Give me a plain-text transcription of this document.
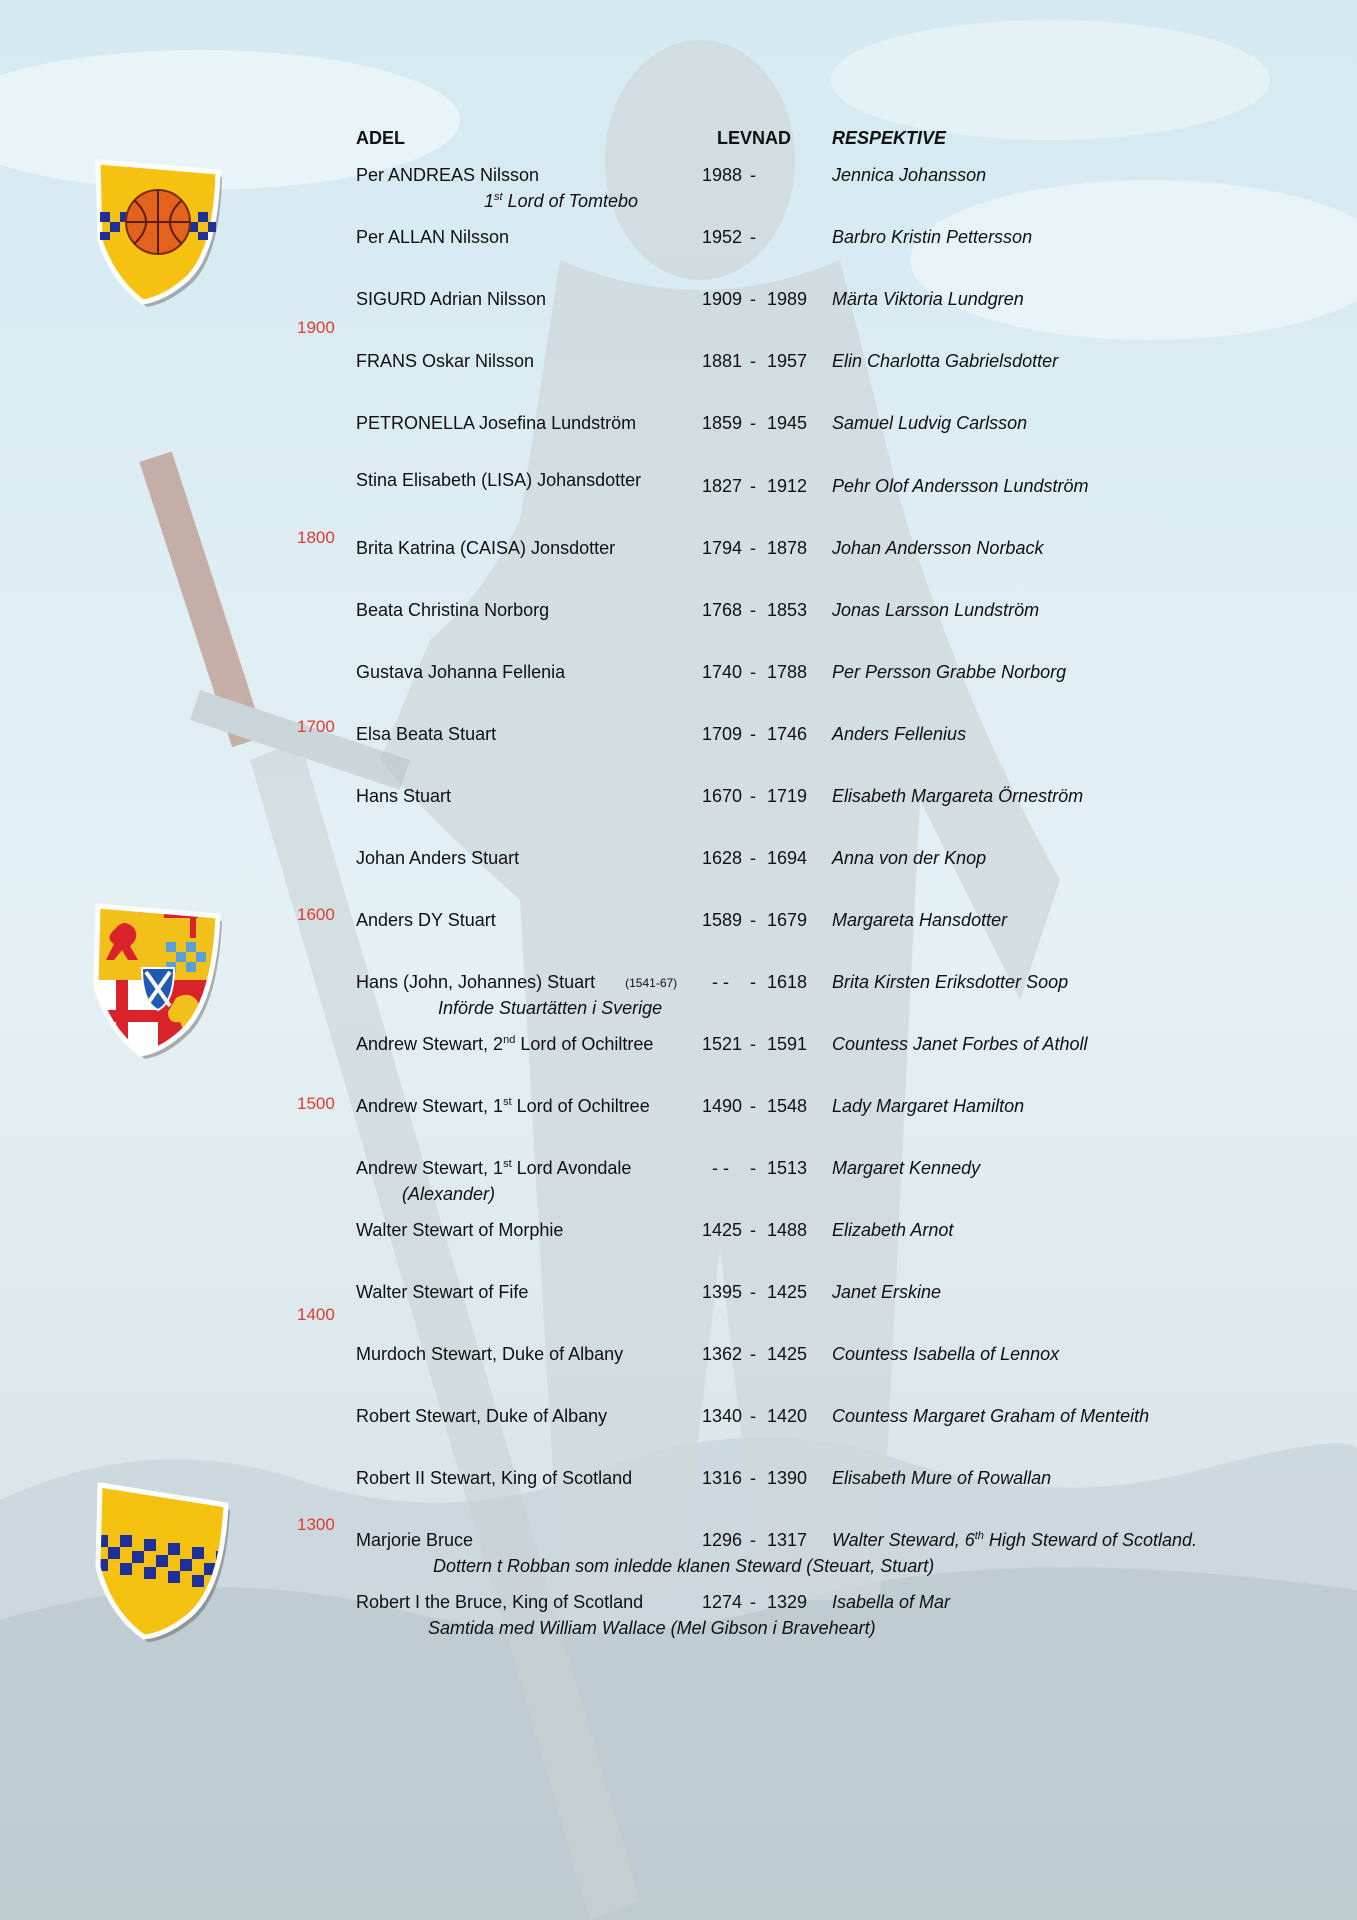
ADEL	LEVNAD RESPEKTIVE
Per ANDREAS Nilsson	1988 -	Jennica Johansson
1st Lord of Tomtebo
Per ALLAN Nilsson	1952 -	Barbro Kristin Pettersson
SIGURD Adrian Nilsson	1909 - 1989 Märta Viktoria Lundgren
FRANS Oskar Nilsson	1881 - 1957 Elin Charlotta Gabrielsdotter
PETRONELLA Josefina Lundström	1859 - 1945 Samuel Ludvig Carlsson
Stina Elisabeth (LISA) Johansdotter	1827 - 1912 Pehr Olof Andersson Lundström
Brita Katrina (CAISA) Jonsdotter	1794 - 1878 Johan Andersson Norback
Beata Christina Norborg	1768 - 1853 Jonas Larsson Lundström
Gustava Johanna Fellenia	1740 - 1788 Per Persson Grabbe Norborg
Elsa Beata Stuart	1709 - 1746 Anders Fellenius
Hans Stuart	1670 - 1719 Elisabeth Margareta Örneström
Johan Anders Stuart	1628 - 1694 Anna von der Knop
Anders DY Stuart	1589 - 1679 Margareta Hansdotter
Hans (John, Johannes) Stuart	(1541-67) - -	- 1618 Brita Kirsten Eriksdotter Soop
Införde Stuartätten i Sverige
Andrew Stewart, 2nd Lord of Ochiltree	1521 - 1591 Countess Janet Forbes of Atholl
Andrew Stewart, 1st Lord of Ochiltree	1490 - 1548 Lady Margaret Hamilton
Andrew Stewart, 1st Lord Avondale	- -	- 1513 Margaret Kennedy
(Alexander)
Walter Stewart of Morphie	1425 - 1488 Elizabeth Arnot
Walter Stewart of Fife	1395 - 1425 Janet Erskine
Murdoch Stewart, Duke of Albany	1362 - 1425 Countess Isabella of Lennox
Robert Stewart, Duke of Albany	1340 - 1420 Countess Margaret Graham of Menteith
Robert II Stewart, King of Scotland	1316 - 1390 Elisabeth Mure of Rowallan
Marjorie Bruce	1296 - 1317 Walter Steward, 6th High Steward of Scotland.
Dottern t Robban som inledde klanen Steward (Steuart, Stuart)
Robert I the Bruce, King of Scotland	1274 - 1329 Isabella of Mar
Samtida med William Wallace (Mel Gibson i Braveheart)
1900
1800
1700
1600
1500
1400
1300
